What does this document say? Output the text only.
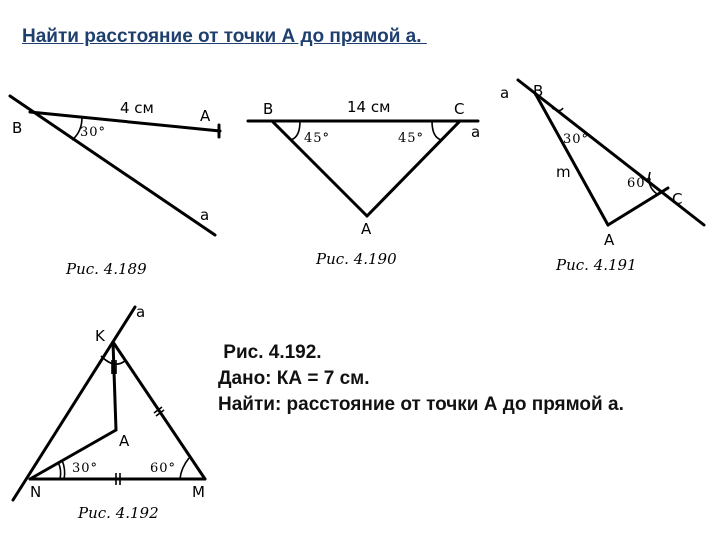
Найти расстояние от точки А до прямой а.
B
A
a
4 см
30°
Рис. 4.189
B	C
a
A
14 см
45°	45°
Рис. 4.190
a B
m
C
A
30°
60°
Рис. 4.191
a
K
A
N	M
30°	60°
Рис. 4.192
Рис. 4.192.
Дано: КА = 7 см.
Найти: расстояние от точки А до прямой а.
